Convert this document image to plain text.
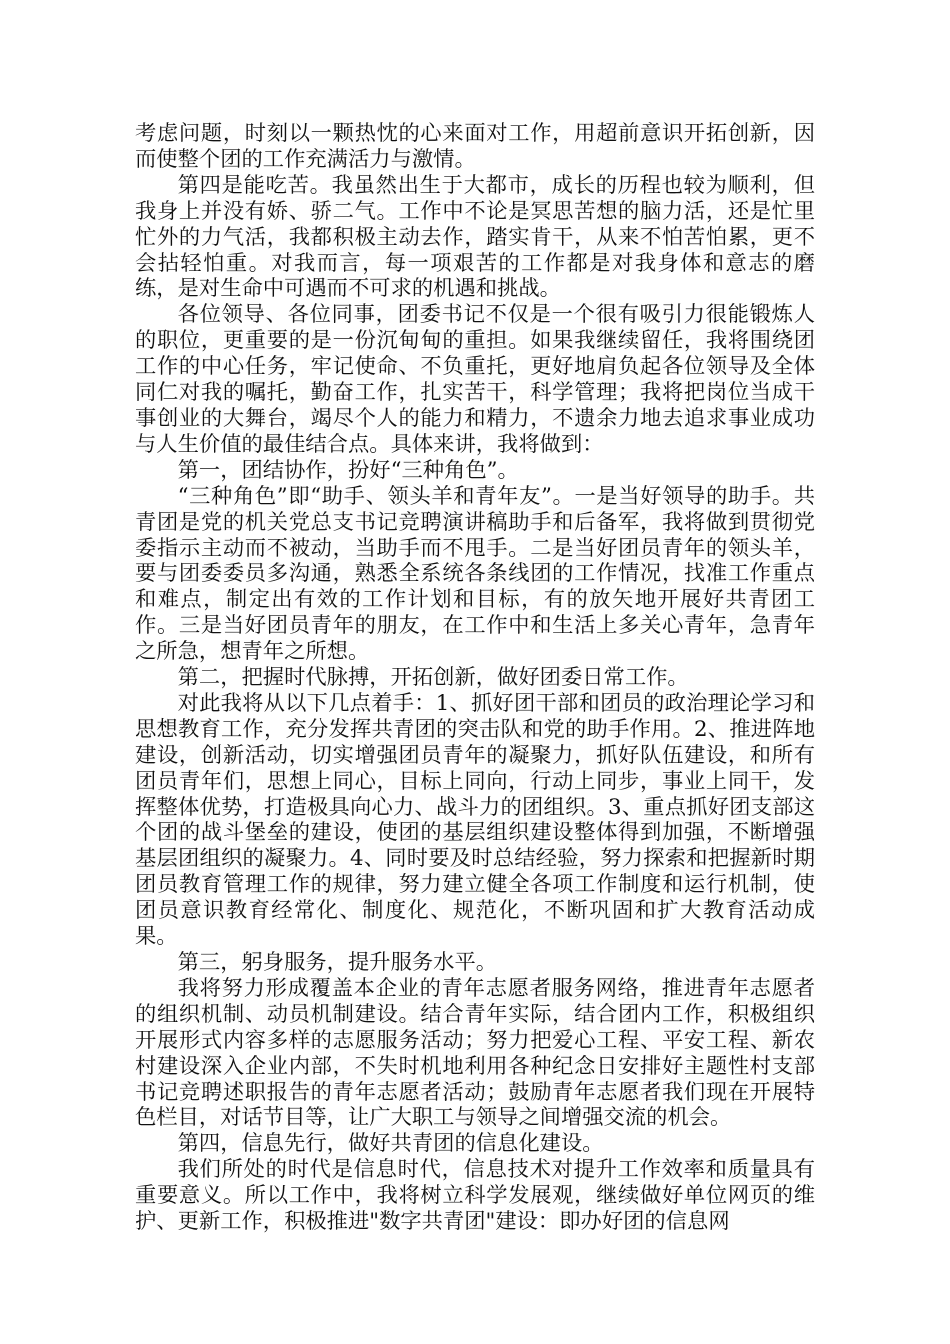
考虑问题，时刻以一颗热忱的心来面对工作，用超前意识开拓创新，因而使整个团的工作充满活力与激情。

第四是能吃苦。我虽然出生于大都市，成长的历程也较为顺利，但我身上并没有娇、骄二气。工作中不论是冥思苦想的脑力活，还是忙里忙外的力气活，我都积极主动去作，踏实肯干，从来不怕苦怕累，更不会拈轻怕重。对我而言，每一项艰苦的工作都是对我身体和意志的磨练，是对生命中可遇而不可求的机遇和挑战。

各位领导、各位同事，团委书记不仅是一个很有吸引力很能锻炼人的职位，更重要的是一份沉甸甸的重担。如果我继续留任，我将围绕团工作的中心任务，牢记使命、不负重托，更好地肩负起各位领导及全体同仁对我的嘱托，勤奋工作，扎实苦干，科学管理；我将把岗位当成干事创业的大舞台，竭尽个人的能力和精力，不遗余力地去追求事业成功与人生价值的最佳结合点。具体来讲，我将做到：

第一，团结协作，扮好“三种角色”。

“三种角色”即“助手、领头羊和青年友”。一是当好领导的助手。共青团是党的机关党总支书记竞聘演讲稿助手和后备军，我将做到贯彻党委指示主动而不被动，当助手而不甩手。二是当好团员青年的领头羊，要与团委委员多沟通，熟悉全系统各条线团的工作情况，找准工作重点和难点，制定出有效的工作计划和目标，有的放矢地开展好共青团工作。三是当好团员青年的朋友，在工作中和生活上多关心青年，急青年之所急，想青年之所想。

第二，把握时代脉搏，开拓创新，做好团委日常工作。

对此我将从以下几点着手：1、抓好团干部和团员的政治理论学习和思想教育工作，充分发挥共青团的突击队和党的助手作用。2、推进阵地建设，创新活动，切实增强团员青年的凝聚力，抓好队伍建设，和所有团员青年们，思想上同心，目标上同向，行动上同步，事业上同干，发挥整体优势，打造极具向心力、战斗力的团组织。3、重点抓好团支部这个团的战斗堡垒的建设，使团的基层组织建设整体得到加强，不断增强基层团组织的凝聚力。4、同时要及时总结经验，努力探索和把握新时期团员教育管理工作的规律，努力建立健全各项工作制度和运行机制，使团员意识教育经常化、制度化、规范化，不断巩固和扩大教育活动成果。

第三，躬身服务，提升服务水平。

我将努力形成覆盖本企业的青年志愿者服务网络，推进青年志愿者的组织机制、动员机制建设。结合青年实际，结合团内工作，积极组织开展形式内容多样的志愿服务活动；努力把爱心工程、平安工程、新农村建设深入企业内部，不失时机地利用各种纪念日安排好主题性村支部书记竞聘述职报告的青年志愿者活动；鼓励青年志愿者我们现在开展特色栏目，对话节目等，让广大职工与领导之间增强交流的机会。

第四，信息先行，做好共青团的信息化建设。

我们所处的时代是信息时代，信息技术对提升工作效率和质量具有重要意义。所以工作中，我将树立科学发展观，继续做好单位网页的维护、更新工作，积极推进"数字共青团"建设：即办好团的信息网
